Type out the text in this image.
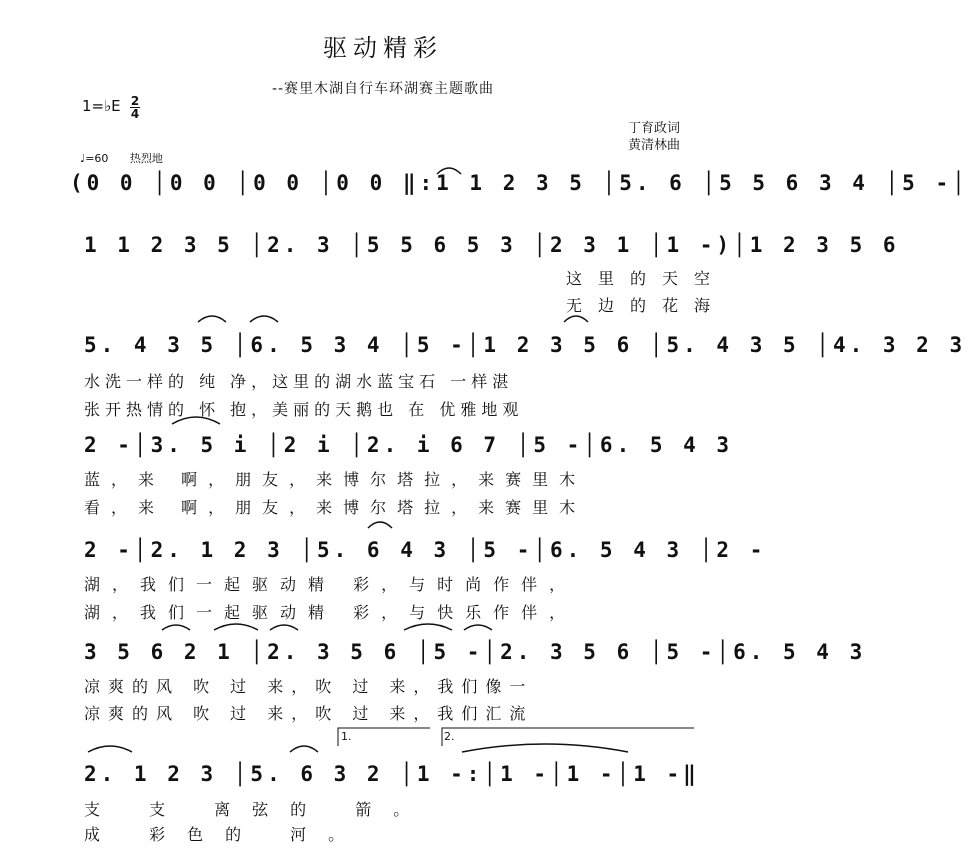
驱动精彩
--赛里木湖自行车环湖赛主题歌曲
1=♭E 2
4
丁育政词
黄清林曲
♩=60 热烈地
(0 0 │0 0 │0 0 │0 0 ‖:1 1 2 3 5 │5. 6 │5 5 6 3 4 │5 -│
1 1 2 3 5 │2. 3 │5 5 6 5 3 │2 3 1 │1 -)│1 2 3 5 6
这里的天空
无边的花海
5. 4 3 5 │6. 5 3 4 │5 -│1 2 3 5 6 │5. 4 3 5 │4. 3 2 3
水洗一样的 纯 净，这里的湖水蓝宝石 一样湛
张开热情的 怀 抱，美丽的天鹅也 在 优雅地观
2 -│3. 5 i │2 i │2. i 6 7 │5 -│6. 5 4 3
蓝，来 啊，朋友，来博尔塔拉，来赛里木
看，来 啊，朋友，来博尔塔拉，来赛里木
2 -│2. 1 2 3 │5. 6 4 3 │5 -│6. 5 4 3 │2 -
湖，我们一起驱动精 彩，与时尚作伴，
湖，我们一起驱动精 彩，与快乐作伴，
3 5 6 2 1 │2. 3 5 6 │5 -│2. 3 5 6 │5 -│6. 5 4 3
凉爽的风 吹 过 来，吹 过 来，我们像一
凉爽的风 吹 过 来，吹 过 来，我们汇流
2. 1 2 3 │5. 6 3 2 │1 -:│1 -│1 -│1 -‖
1.	2.
支 支 离弦的 箭。
成 彩色的 河。
